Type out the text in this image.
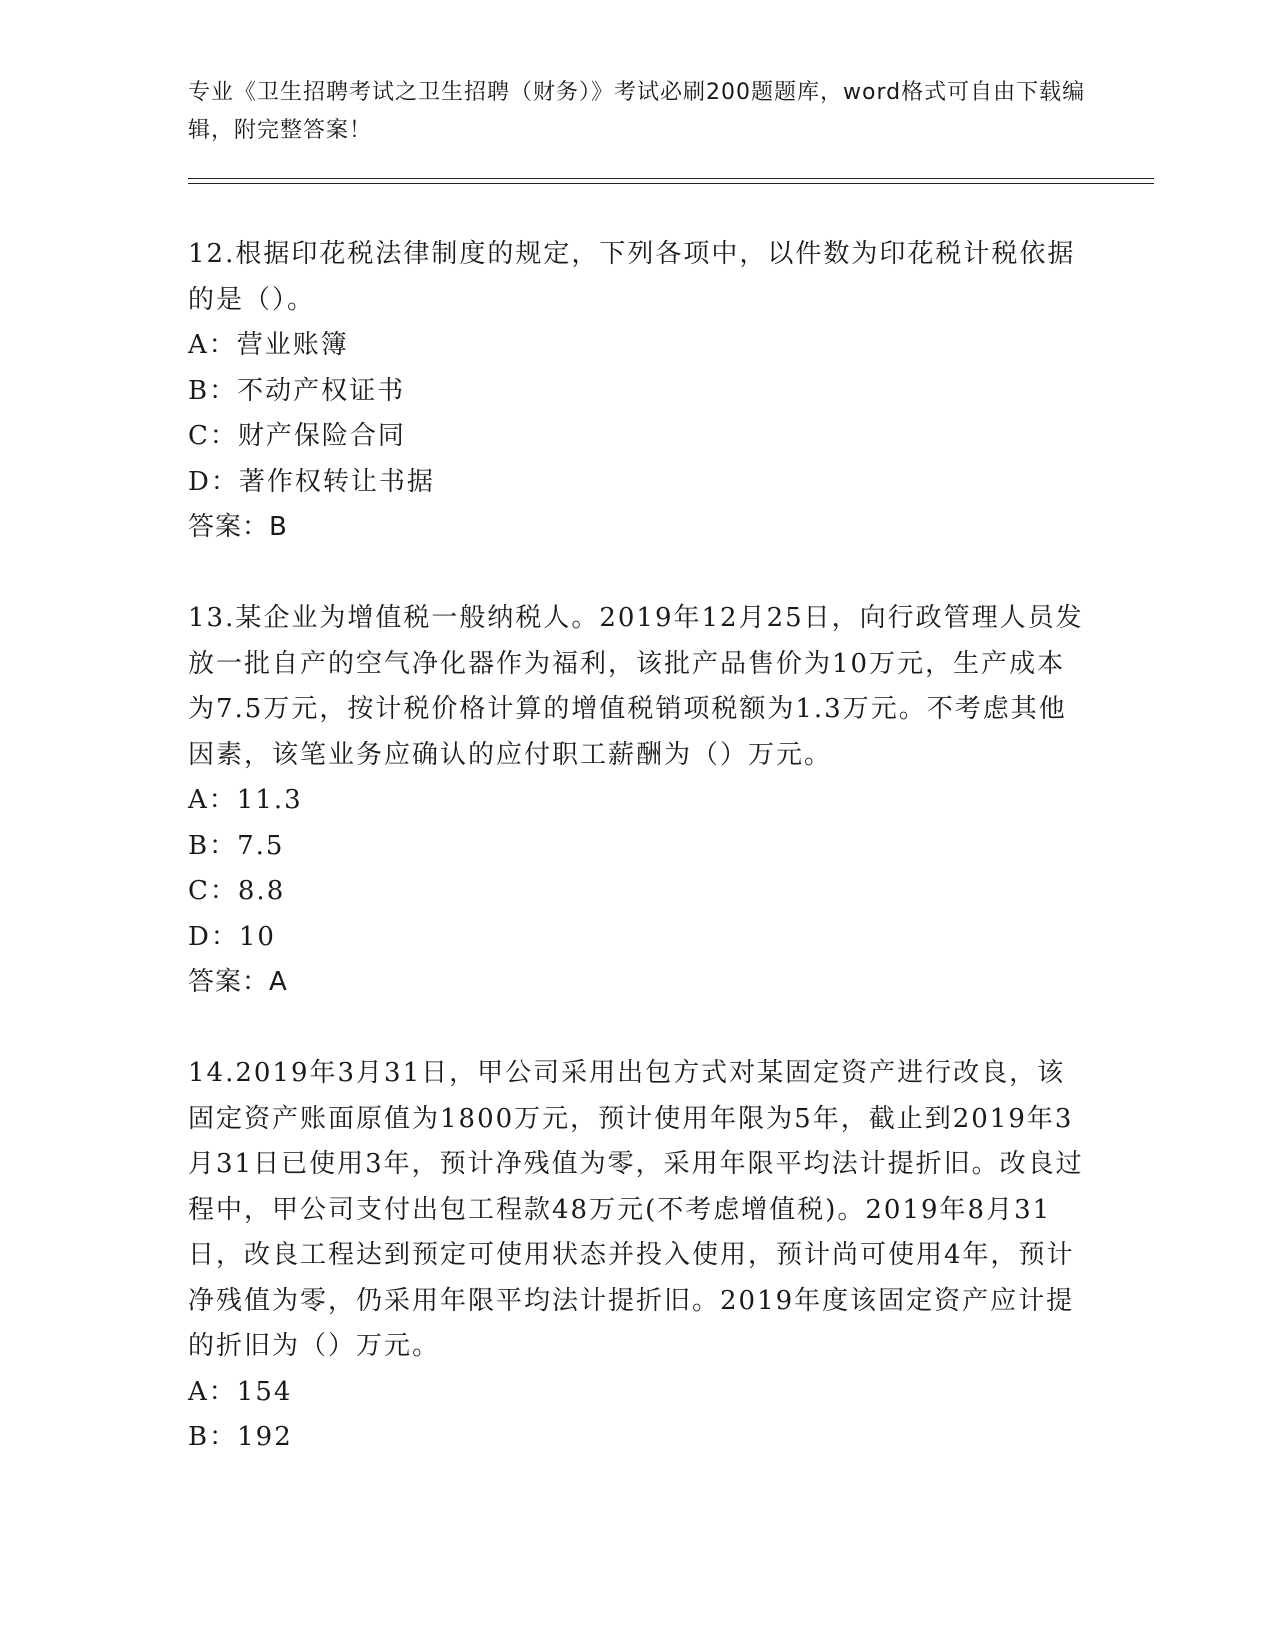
专业《卫生招聘考试之卫生招聘（财务）》考试必刷200题题库，word格式可自由下载编辑，附完整答案！
12.根据印花税法律制度的规定，下列各项中，以件数为印花税计税依据的是（）。
A：营业账簿
B：不动产权证书
C：财产保险合同
D：著作权转让书据
答案：B
13.某企业为增值税一般纳税人。2019年12月25日，向行政管理人员发放一批自产的空气净化器作为福利，该批产品售价为10万元，生产成本为7.5万元，按计税价格计算的增值税销项税额为1.3万元。不考虑其他因素，该笔业务应确认的应付职工薪酬为（）万元。
A：11.3
B：7.5
C：8.8
D：10
答案：A
14.2019年3月31日，甲公司采用出包方式对某固定资产进行改良，该固定资产账面原值为1800万元，预计使用年限为5年，截止到2019年3月31日已使用3年，预计净残值为零，采用年限平均法计提折旧。改良过程中，甲公司支付出包工程款48万元(不考虑增值税)。2019年8月31日，改良工程达到预定可使用状态并投入使用，预计尚可使用4年，预计净残值为零，仍采用年限平均法计提折旧。2019年度该固定资产应计提的折旧为（）万元。
A：154
B：192
